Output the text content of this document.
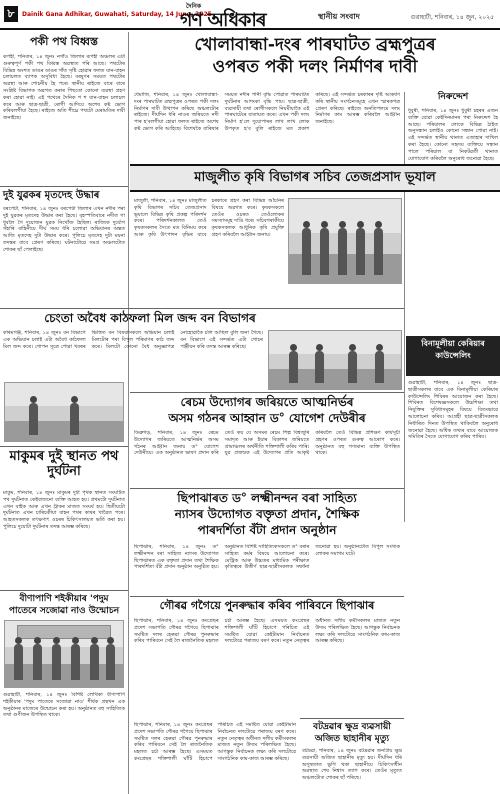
৮	Dainik Gana Adhikar, Guwahati, Saturday, 14 June, 2025
দৈনিক
গণ অধিকাৰ	স্থানীয় সংবাদ	গুৱাহাটী, শনিবাৰ, ১৪ জুন, ২০২৫
পকী পথ বিধ্বস্ত
ৰূপহী, শনিবাৰ, ১৪ জুনঃ নগাঁও জিলাৰ ৰূপহী অঞ্চলৰ এটা গুৰুত্বপূৰ্ণ পকী পথ বিধ্বস্ত অৱস্থাত পৰি আছে। পথটোৰ বিভিন্ন অংশত ডাঙৰ ডাঙৰ গাঁত সৃষ্টি হোৱাৰ ফলত যান-বাহন চলাচলত ব্যাপক অসুবিধা হৈছে। বৰষুণৰ সময়ত পথটোৰ অৱস্থা আৰু শোচনীয় হৈ পৰে। স্থানীয় ৰাইজে বাৰে বাৰে সংশ্লিষ্ট বিভাগক অৱগত কৰাৰ পিছতো কোনো ব্যৱস্থা গ্ৰহণ কৰা হোৱা নাই। এই পথেৰে দৈনিক শ শ যান-বাহন চলাচল কৰে আৰু ছাত্ৰ-ছাত্ৰী, ৰোগী আদিয়ে অশেষ কষ্ট ভোগ কৰিবলগীয়া হৈছে। ৰাইজে অতি শীঘ্ৰে পথটো মেৰামতিৰ দাবী জনাইছে।
দুই যুৱকৰ মৃতদেহ উদ্ধাৰ
বৰপেটা, শনিবাৰ, ১৪ জুনঃ বৰপেটা জিলাৰ এখন নদীৰ পৰা দুই যুৱকৰ মৃতদেহ উদ্ধাৰ কৰা হৈছে। বৃহস্পতিবাৰে নদীত গা ধুবলৈ গৈ দুয়োজন যুৱক নিখোঁজ হৈছিল। ৰাজ্যিক দুৰ্যোগ সঁহাৰি বাহিনীয়ে দীৰ্ঘ সময় ধৰি চলোৱা অভিযানৰ অন্তত আজি মৃতদেহ দুটা উদ্ধাৰ কৰে। পুলিচে মৃতদেহ দুটা ময়না তদন্তৰ বাবে প্ৰেৰণ কৰিছে। ঘটনাটোৱে সমগ্ৰ অঞ্চলটোত শোকৰ ছাঁ পেলাইছে।
খোলাবান্ধা-দংৰ পাৰঘাটত ব্ৰহ্মপুত্ৰৰ
ওপৰত পকী দলং নিৰ্মাণৰ দাবী
ধেমাজি, শনিবাৰ, ১৪ জুনঃ খোলাবান্ধা-দংৰ পাৰঘাটত ব্ৰহ্মপুত্ৰৰ ওপৰত পকী দলং নিৰ্মাণৰ দাবী উত্থাপন কৰিছে অঞ্চলটোৰ ৰাইজে। দীৰ্ঘদিন ধৰি নাওৰ জৰিয়তে নদী পাৰ হ'বলগীয়া হোৱা ফলত ৰাইজে অশেষ কষ্ট ভোগ কৰি আহিছে। বিশেষকৈ বাৰিষাৰ সময়ত নদীৰ পানী বৃদ্ধি পোৱাত পাৰঘাটত দুৰ্ঘটনাৰ আশংকা বৃদ্ধি পায়। ছাত্ৰ-ছাত্ৰী, ব্যৱসায়ী তথা ৰোগীসকলে নিয়মীয়াকৈ এই পাৰঘাটেৰে যাতায়ত কৰে। এখন পকী দলং নিৰ্মাণ হ'লে দুয়োপাৰৰ লাখ লাখ লোক উপকৃত হ'ব বুলি ৰাইজে মত প্ৰকাশ কৰিছে। এই সন্দৰ্ভত চৰকাৰৰ দৃষ্টি আকৰ্ষণ কৰি স্থানীয় সংগঠনসমূহে এখন স্মাৰকপত্ৰ প্ৰেৰণ কৰিছে। ৰাইজে অনতিপলমে দলং নিৰ্মাণৰ কাম আৰম্ভ কৰিবলৈ আহ্বান জনাইছে।
নিৰুদ্দেশ
ধুবুৰী, শনিবাৰ, ১৪ জুনঃ ধুবুৰী চহৰৰ এজন ব্যক্তি যোৱা কেইদিনমানৰ পৰা নিৰুদ্দেশ হৈ আছে। পৰিয়ালৰ লোকে বিভিন্ন ঠাইত অনুসন্ধান চলাইও কোনো সন্ধান পোৱা নাই। এই সন্দৰ্ভত স্থানীয় থানাত এজাহাৰ দাখিল কৰা হৈছে। কোনো সহৃদয় ব্যক্তিয়ে সন্ধান পালে পৰিয়াল বা নিকটৱৰ্তী থানাত যোগাযোগ কৰিবলৈ অনুৰোধ জনোৱা হৈছে।
মাজুলীত কৃষি বিভাগৰ সচিব তেজপ্ৰসাদ ভূযাল
মাজুলী, শনিবাৰ, ১৪ জুনঃ মাজুলীত কৃষি বিভাগৰ সচিব তেজপ্ৰসাদ ভূযালে বিভিন্ন কৃষি প্ৰকল্প পৰিদৰ্শন কৰে। পৰিদৰ্শনকালত তেওঁ কৃষকসকলৰ সৈতে মত বিনিময় কৰে আৰু কৃষি উৎপাদন বৃদ্ধিৰ বাবে চৰকাৰে গ্ৰহণ কৰা বিভিন্ন আঁচনিৰ বিষয়ে অৱগত কৰে। কৃষকসকলে তেওঁৰ ওচৰত তেওঁলোকৰ সমস্যাসমূহ দাঙি ধৰে। সচিবগৰাকীয়ে কৃষকসকলক আধুনিক কৃষি প্ৰযুক্তি গ্ৰহণ কৰিবলৈ আহ্বান জনায়।
চেংতা অবৈধ কাঠফলা মিল জব্দ বন বিভাগৰ
কৰিমগঞ্জ, শনিবাৰ, ১৪ জুনঃ বন বিভাগে এক অভিযান চলাই এটা অবৈধ কাঠফলা মিল জব্দ কৰে। গোপন সূত্ৰে পোৱা খবৰৰ ভিত্তিত বন বিষয়াসকলে অভিযান চলাই মিলটোৰ পৰা বিপুল পৰিমাণৰ কাঠ জব্দ কৰে। মিলটো কোনো বৈধ অনুজ্ঞাপত্ৰ নোহোৱাকৈ চলি আছিল বুলি জনা গৈছে। বন বিভাগে এই সন্দৰ্ভত এটা গোচৰ পঞ্জীয়ন কৰি তদন্ত আৰম্ভ কৰিছে।	বিনামূলীয়া কেৰিয়াৰ কাউন্সেলিং
গুৱাহাটী, শনিবাৰ, ১৪ জুনঃ ছাত্ৰ-ছাত্ৰীসকলৰ বাবে এক বিনামূলীয়া কেৰিয়াৰ কাউন্সেলিং শিবিৰৰ আয়োজন কৰা হৈছে। শিবিৰত বিশেষজ্ঞসকলে উচ্চশিক্ষা তথা নিযুক্তিৰ সুবিধাসমূহৰ বিষয়ে বিতংভাৱে আলোচনা কৰিব। আগ্ৰহী ছাত্ৰ-ছাত্ৰীসকলক নিৰ্ধাৰিত দিনত উপস্থিত থাকিবলৈ অনুৰোধ জনোৱা হৈছে। অধিক তথ্যৰ বাবে আয়োজক সমিতিৰ সৈতে যোগাযোগ কৰিব পাৰিব।
ৰেচম উদ্যোগৰ জৰিয়তে আত্মনিৰ্ভৰ
অসম গঠনৰ আহ্বান ড° যোগেশ দেউৰীৰ
ডিব্ৰুগড়, শনিবাৰ, ১৪ জুনঃ ৰেচম উদ্যোগৰ জৰিয়তে আত্মনিৰ্ভৰ অসম গঠনৰ আহ্বান জনায় ড° যোগেশ দেউৰীয়ে। এক অনুষ্ঠানত ভাষণ প্ৰদান কৰি তেওঁ কয় যে অসমৰ ৰেচম শিল্প বিশ্বজুৰি সমাদৃত আৰু ইয়াৰ বিকাশৰ জৰিয়তে গ্ৰামাঞ্চলৰ অৰ্থনীতি শক্তিশালী কৰিব পাৰি। যুৱ প্ৰজন্মক এই উদ্যোগৰ প্ৰতি আকৃষ্ট কৰিবলৈ তেওঁ বিভিন্ন প্ৰশিক্ষণ কাৰ্যসূচী গ্ৰহণৰ ওপৰত গুৰুত্ব আৰোপ কৰে। অনুষ্ঠানত বহু গণ্যমান্য ব্যক্তি উপস্থিত থাকে।
মাকুমৰ দুই স্থানত পথ দুৰ্ঘটনা
মাকুম, শনিবাৰ, ১৪ জুনঃ মাকুমৰ দুটা পৃথক স্থানত সংঘটিত পথ দুৰ্ঘটনাত কেইবাজনো ব্যক্তি আহত হয়। প্ৰথমটো দুৰ্ঘটনাত এখন বাইক আৰু এখন ট্ৰাকৰ মাজত সংঘৰ্ষ হয়। দ্বিতীয়টো দুৰ্ঘটনাত এখন চাৰিচকীয়া বাহন পথৰ কাষৰ খাৱৈত পৰে। আহতসকলক তৎক্ষণাৎ ওচৰৰ চিকিৎসালয়ত ভৰ্তি কৰা হয়। পুলিচে দুয়োটা দুৰ্ঘটনাৰ তদন্ত আৰম্ভ কৰিছে।
ছিপাঝাৰত ড° লক্ষ্মীনন্দন বৰা সাহিত্য
ন্যাসৰ উদ্যোগত বক্তৃতা প্ৰদান, শৈক্ষিক
পাৰদৰ্শিতা বঁটা প্ৰদান অনুষ্ঠান
ছিপাঝাৰ, শনিবাৰ, ১৪ জুনঃ ড° লক্ষ্মীনন্দন বৰা সাহিত্য ন্যাসৰ উদ্যোগত ছিপাঝাৰত এক বক্তৃতা প্ৰদান তথা শৈক্ষিক পাৰদৰ্শিতা বঁটা প্ৰদান অনুষ্ঠান অনুষ্ঠিত হয়। অনুষ্ঠানত বিশিষ্ট সাহিত্যিকসকলে ড° বৰাৰ সাহিত্য কৰ্মৰ বিষয়ে আলোচনা কৰে। মেট্ৰিক আৰু উচ্চতৰ মাধ্যমিক পৰীক্ষাত কৃতিত্বৰে উত্তীৰ্ণ ছাত্ৰ-ছাত্ৰীসকলক সম্বৰ্ধনা জনোৱা হয়। অনুষ্ঠানটোত বিপুল সংখ্যক লোকৰ সমাগম ঘটে।
বীণাপাণি শইকীয়াৰ 'পদুম
পাতেৰে সজোৱা নাও উন্মোচন
গুৱাহাটী, শনিবাৰ, ১৪ জুনঃ বিশিষ্ট লেখিকা বীণাপাণি শইকীয়াৰ 'পদুম পাতেৰে সজোৱা নাও' শীৰ্ষক গ্ৰন্থখন এক অনুষ্ঠানৰ মাজেৰে উন্মোচন কৰা হয়। অনুষ্ঠানত বহু সাহিত্যিক তথা গুণীজন উপস্থিত থাকে।
গৌৰৱ গগৈয়ে পুনৰুদ্ধাৰ কৰিব পাৰিবনে ছিপাঝাৰ
ছিপাঝাৰ, শনিবাৰ, ১৪ জুনঃ কংগ্ৰেছৰ প্ৰদেশ সভাপতি গৌৰৱ গগৈয়ে ছিপাঝাৰ সমষ্টিত দলৰ হেৰুৱা গৌৰৱ পুনৰুদ্ধাৰ কৰিব পাৰিবনে সেই লৈ ৰাজনৈতিক মহলত চৰ্চা আৰম্ভ হৈছে। এসময়ত কংগ্ৰেছৰ শক্তিশালী ঘাঁটি হিচাপে পৰিচিত এই সমষ্টিত যোৱা কেইটামান নিৰ্বাচনত দলটোৱে পৰাজয় বৰণ কৰে। নতুন নেতৃত্বৰ অধীনত দলীয় কৰ্মীসকলৰ মাজত নতুন উদ্যম পৰিলক্ষিত হৈছে। আগন্তুক নিৰ্বাচনক লক্ষ্য কৰি দলটোৱে সাংগঠনিক কাম-কাজ আৰম্ভ কৰিছে।
বটদ্ৰৱাৰ ক্ষুদ্ৰ ব্যৱসায়ী
অজিত ছাহানীৰ মৃত্যু
বটদ্ৰৱা, শনিবাৰ, ১৪ জুনঃ বটদ্ৰৱাৰ জনপ্ৰিয় ক্ষুদ্ৰ ব্যৱসায়ী অজিত ছাহানীৰ মৃত্যু হয়। দীৰ্ঘদিন ধৰি অসুস্থতাত ভুগি থকা ছাহানীয়ে চিকিৎসাধীন অৱস্থাত শেষ নিশ্বাস ত্যাগ কৰে। তেওঁৰ মৃত্যুত অঞ্চলটোত শোকৰ ছাঁ পৰিছে।
ছিপাঝাৰ, শনিবাৰ, ১৪ জুনঃ কংগ্ৰেছৰ প্ৰদেশ সভাপতি গৌৰৱ গগৈয়ে ছিপাঝাৰ সমষ্টিত দলৰ হেৰুৱা গৌৰৱ পুনৰুদ্ধাৰ কৰিব পাৰিবনে সেই লৈ ৰাজনৈতিক মহলত চৰ্চা আৰম্ভ হৈছে। এসময়ত কংগ্ৰেছৰ শক্তিশালী ঘাঁটি হিচাপে পৰিচিত এই সমষ্টিত যোৱা কেইটামান নিৰ্বাচনত দলটোৱে পৰাজয় বৰণ কৰে। নতুন নেতৃত্বৰ অধীনত দলীয় কৰ্মীসকলৰ মাজত নতুন উদ্যম পৰিলক্ষিত হৈছে। আগন্তুক নিৰ্বাচনক লক্ষ্য কৰি দলটোৱে সাংগঠনিক কাম-কাজ আৰম্ভ কৰিছে।
